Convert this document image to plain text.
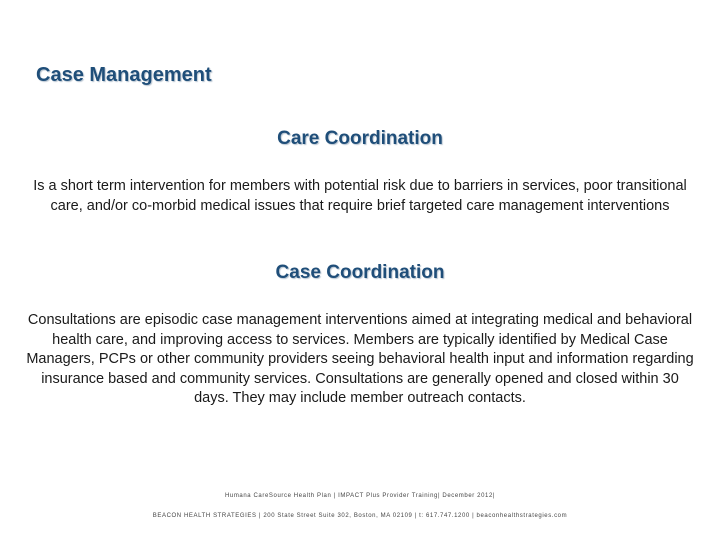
Case Management
Care Coordination

Is a short term intervention for members with potential risk due to barriers in services, poor transitional care, and/or co-morbid medical issues that require brief targeted care management interventions

Case Coordination

Consultations are episodic case management interventions aimed at integrating medical and behavioral health care, and improving access to services. Members are typically identified by Medical Case Managers, PCPs or other community providers seeing behavioral health input and information regarding insurance based and community services. Consultations are generally opened and closed within 30 days. They may include member outreach contacts.

Humana CareSource Health Plan | IMPACT Plus Provider Training| December 2012|

BEACON HEALTH STRATEGIES | 200 State Street Suite 302, Boston, MA 02109 | t: 617.747.1200 | beaconhealthstrategies.com
